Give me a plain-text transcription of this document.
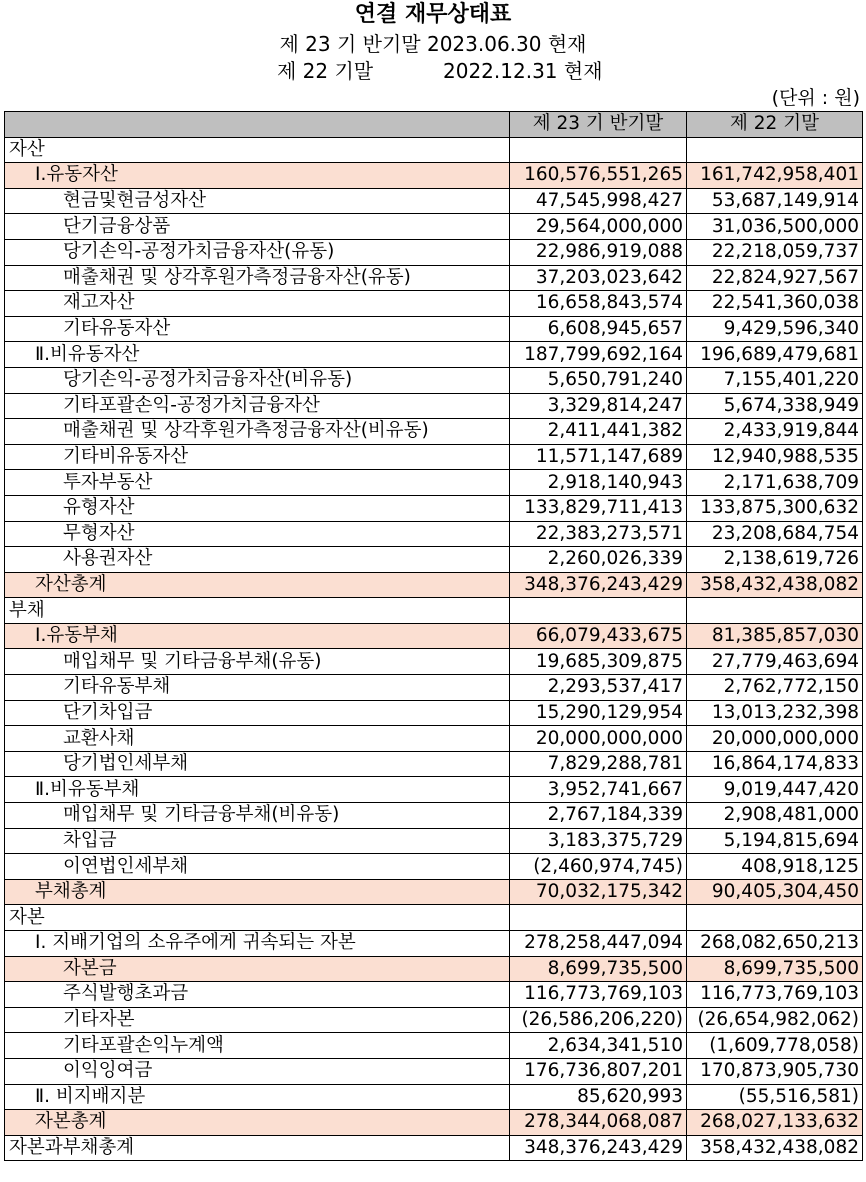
연결 재무상태표
제 23 기 반기말 2023.06.30 현재
제 22 기말	2022.12.31 현재
(단위 : 원)
	제 23 기 반기말	제 22 기말
자산		
Ⅰ.유동자산	160,576,551,265	161,742,958,401
현금및현금성자산	47,545,998,427	53,687,149,914
단기금융상품	29,564,000,000	31,036,500,000
당기손익-공정가치금융자산(유동)	22,986,919,088	22,218,059,737
매출채권 및 상각후원가측정금융자산(유동)	37,203,023,642	22,824,927,567
재고자산	16,658,843,574	22,541,360,038
기타유동자산	6,608,945,657	9,429,596,340
Ⅱ.비유동자산	187,799,692,164	196,689,479,681
당기손익-공정가치금융자산(비유동)	5,650,791,240	7,155,401,220
기타포괄손익-공정가치금융자산	3,329,814,247	5,674,338,949
매출채권 및 상각후원가측정금융자산(비유동)	2,411,441,382	2,433,919,844
기타비유동자산	11,571,147,689	12,940,988,535
투자부동산	2,918,140,943	2,171,638,709
유형자산	133,829,711,413	133,875,300,632
무형자산	22,383,273,571	23,208,684,754
사용권자산	2,260,026,339	2,138,619,726
자산총계	348,376,243,429	358,432,438,082
부채		
Ⅰ.유동부채	66,079,433,675	81,385,857,030
매입채무 및 기타금융부채(유동)	19,685,309,875	27,779,463,694
기타유동부채	2,293,537,417	2,762,772,150
단기차입금	15,290,129,954	13,013,232,398
교환사채	20,000,000,000	20,000,000,000
당기법인세부채	7,829,288,781	16,864,174,833
Ⅱ.비유동부채	3,952,741,667	9,019,447,420
매입채무 및 기타금융부채(비유동)	2,767,184,339	2,908,481,000
차입금	3,183,375,729	5,194,815,694
이연법인세부채	(2,460,974,745)	408,918,125
부채총계	70,032,175,342	90,405,304,450
자본		
Ⅰ. 지배기업의 소유주에게 귀속되는 자본	278,258,447,094	268,082,650,213
자본금	8,699,735,500	8,699,735,500
주식발행초과금	116,773,769,103	116,773,769,103
기타자본	(26,586,206,220)	(26,654,982,062)
기타포괄손익누계액	2,634,341,510	(1,609,778,058)
이익잉여금	176,736,807,201	170,873,905,730
Ⅱ. 비지배지분	85,620,993	(55,516,581)
자본총계	278,344,068,087	268,027,133,632
자본과부채총계	348,376,243,429	358,432,438,082
